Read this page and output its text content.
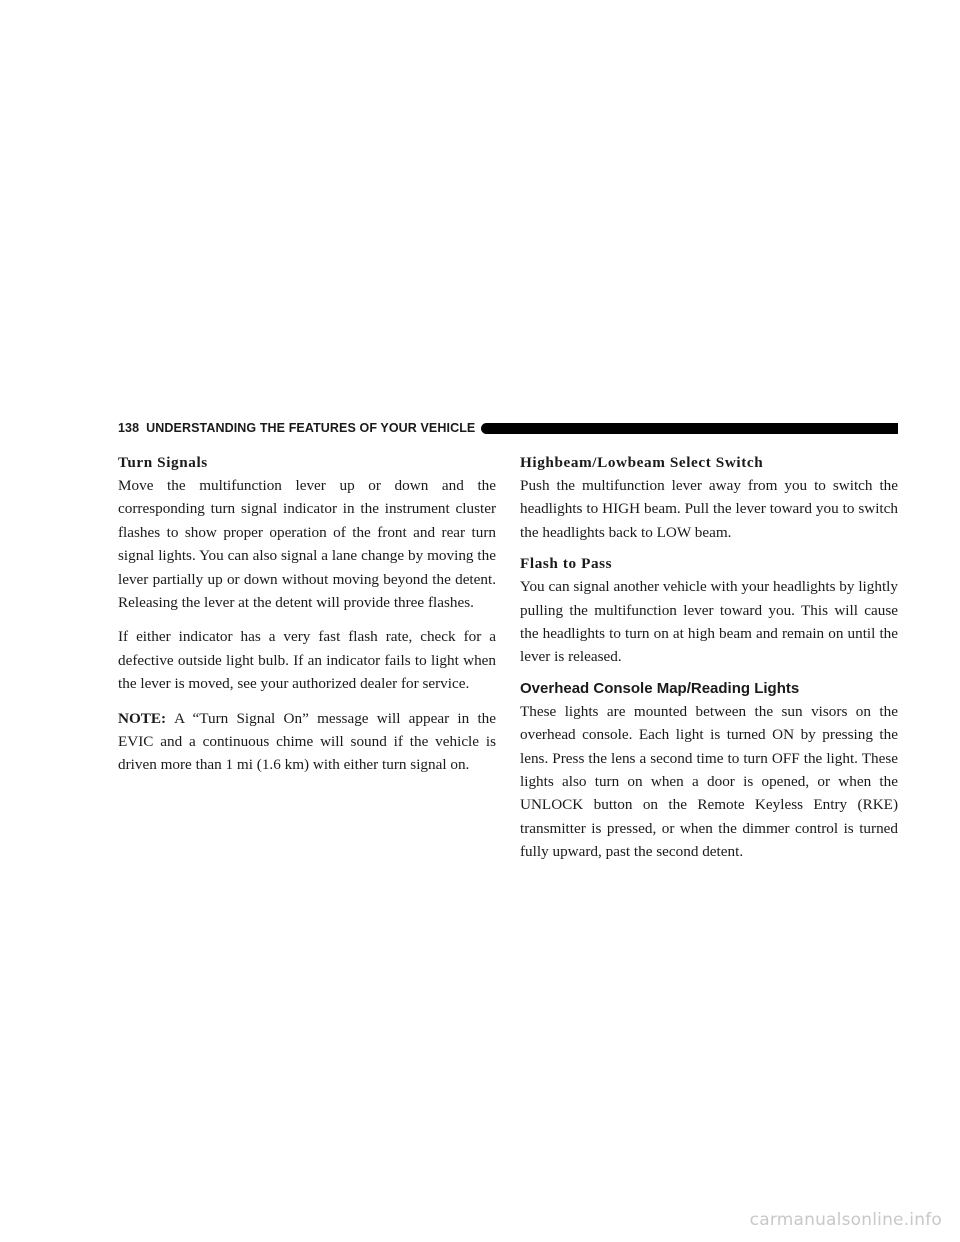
138 UNDERSTANDING THE FEATURES OF YOUR VEHICLE
Turn Signals

Move the multifunction lever up or down and the corresponding turn signal indicator in the instrument cluster flashes to show proper operation of the front and rear turn signal lights. You can also signal a lane change by moving the lever partially up or down without moving beyond the detent. Releasing the lever at the detent will provide three flashes.

If either indicator has a very fast flash rate, check for a defective outside light bulb. If an indicator fails to light when the lever is moved, see your authorized dealer for service.

NOTE: A “Turn Signal On” message will appear in the EVIC and a continuous chime will sound if the vehicle is driven more than 1 mi (1.6 km) with either turn signal on.

Highbeam/Lowbeam Select Switch

Push the multifunction lever away from you to switch the headlights to HIGH beam. Pull the lever toward you to switch the headlights back to LOW beam.

Flash to Pass

You can signal another vehicle with your headlights by lightly pulling the multifunction lever toward you. This will cause the headlights to turn on at high beam and remain on until the lever is released.

Overhead Console Map/Reading Lights

These lights are mounted between the sun visors on the overhead console. Each light is turned ON by pressing the lens. Press the lens a second time to turn OFF the light. These lights also turn on when a door is opened, or when the UNLOCK button on the Remote Keyless Entry (RKE) transmitter is pressed, or when the dimmer control is turned fully upward, past the second detent.

carmanualsonline.info
